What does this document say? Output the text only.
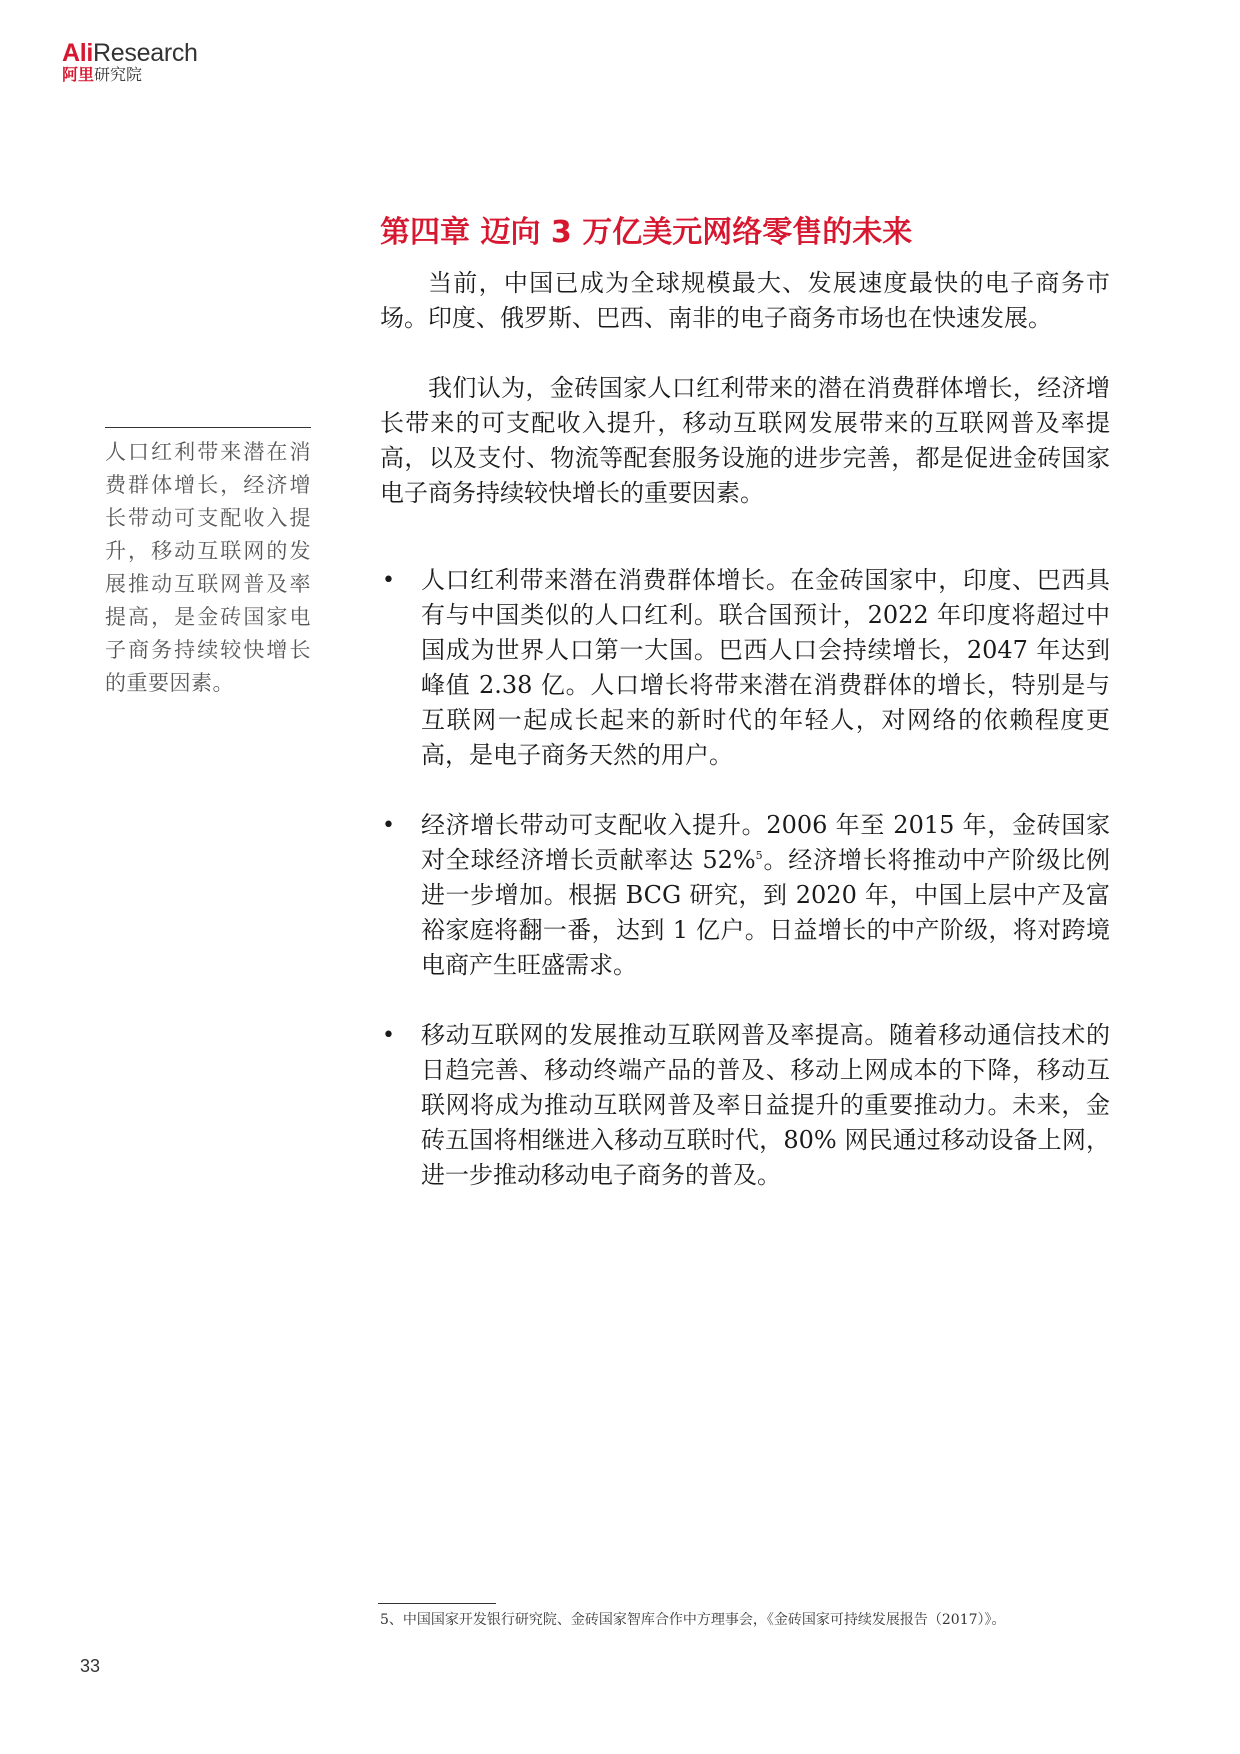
AliResearch
阿里研究院
第四章 迈向 3 万亿美元网络零售的未来
人口红利带来潜在消费群体增长，经济增长带动可支配收入提升，移动互联网的发展推动互联网普及率提高，是金砖国家电子商务持续较快增长的重要因素。

当前，中国已成为全球规模最大、发展速度最快的电子商务市场。印度、俄罗斯、巴西、南非的电子商务市场也在快速发展。

我们认为，金砖国家人口红利带来的潜在消费群体增长，经济增长带来的可支配收入提升，移动互联网发展带来的互联网普及率提高，以及支付、物流等配套服务设施的进步完善，都是促进金砖国家电子商务持续较快增长的重要因素。

• 人口红利带来潜在消费群体增长。在金砖国家中，印度、巴西具有与中国类似的人口红利。联合国预计，2022 年印度将超过中国成为世界人口第一大国。巴西人口会持续增长，2047 年达到峰值 2.38 亿。人口增长将带来潜在消费群体的增长，特别是与互联网一起成长起来的新时代的年轻人，对网络的依赖程度更高，是电子商务天然的用户。
• 经济增长带动可支配收入提升。2006 年至 2015 年，金砖国家对全球经济增长贡献率达 52%$^5$。经济增长将推动中产阶级比例进一步增加。根据 BCG 研究，到 2020 年，中国上层中产及富裕家庭将翻一番，达到 1 亿户。日益增长的中产阶级，将对跨境电商产生旺盛需求。
• 移动互联网的发展推动互联网普及率提高。随着移动通信技术的日趋完善、移动终端产品的普及、移动上网成本的下降，移动互联网将成为推动互联网普及率日益提升的重要推动力。未来，金砖五国将相继进入移动互联时代，80% 网民通过移动设备上网，进一步推动移动电子商务的普及。
5、中国国家开发银行研究院、金砖国家智库合作中方理事会，《金砖国家可持续发展报告（2017）》。
33
